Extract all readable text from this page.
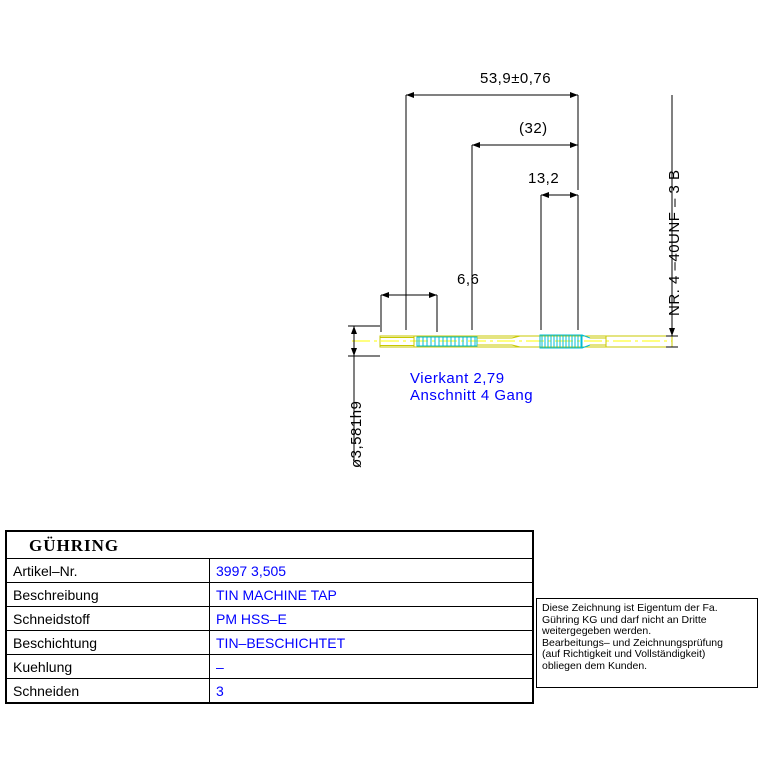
53,9±0,76
(32)
13,2
6,6	NR. 4 –40UNF – 3 B
ø3,581h9
Vierkant 2,79
Anschnitt 4 Gang
GÜHRING	
Artikel–Nr.	3997 3,505
Beschreibung	TIN MACHINE TAP
Schneidstoff	PM HSS–E
Beschichtung	TIN–BESCHICHTET
Kuehlung	–
Schneiden	3

Diese Zeichnung ist Eigentum der Fa.

Gühring KG und darf nicht an Dritte

weitergegeben werden.

Bearbeitungs– und Zeichnungsprüfung

(auf Richtigkeit und Vollständigkeit)

obliegen dem Kunden.
